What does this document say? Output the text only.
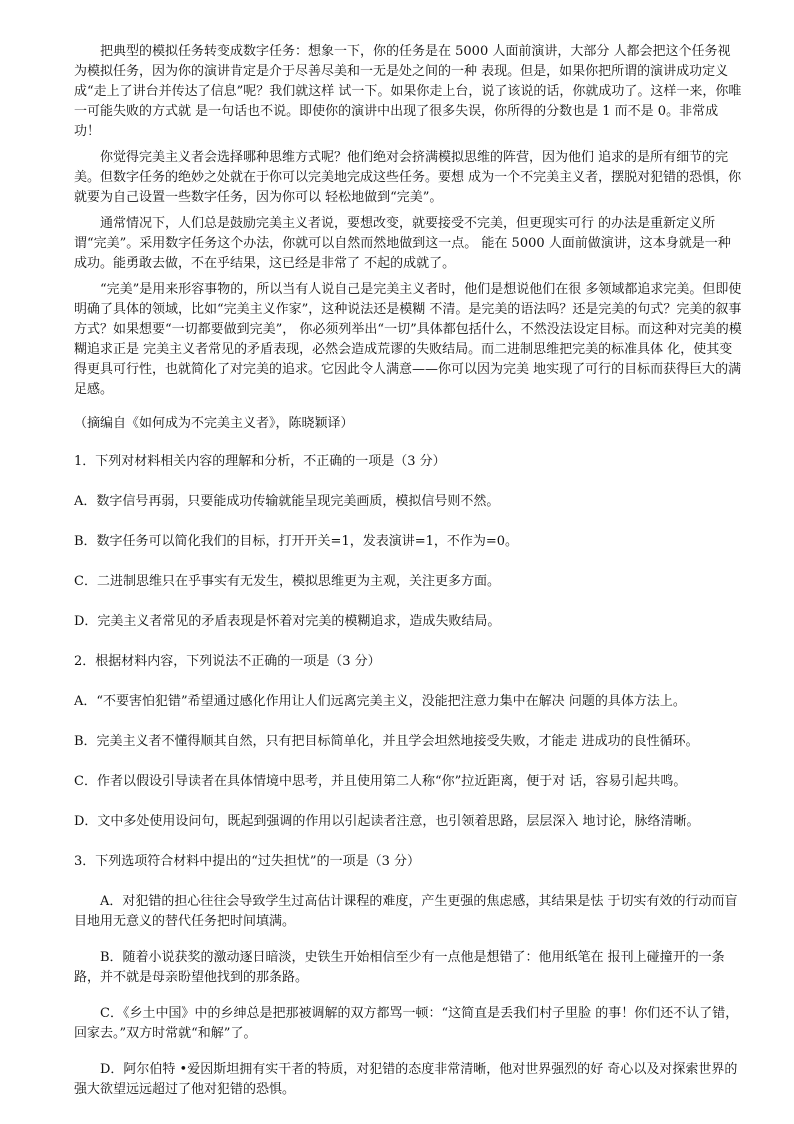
把典型的模拟任务转变成数字任务：想象一下，你的任务是在 5000 人面前演讲，大部分 人都会把这个任务视为模拟任务，因为你的演讲肯定是介于尽善尽美和一无是处之间的一种 表现。但是，如果你把所谓的演讲成功定义成“走上了讲台并传达了信息”呢？我们就这样 试一下。如果你走上台，说了该说的话，你就成功了。这样一来，你唯一可能失败的方式就 是一句话也不说。即使你的演讲中出现了很多失误，你所得的分数也是 1 而不是 0。非常成 功！

你觉得完美主义者会选择哪种思维方式呢？他们绝对会挤满模拟思维的阵营，因为他们 追求的是所有细节的完美。但数字任务的绝妙之处就在于你可以完美地完成这些任务。要想 成为一个不完美主义者，摆脱对犯错的恐惧，你就要为自己设置一些数字任务，因为你可以 轻松地做到“完美”。

通常情况下，人们总是鼓励完美主义者说，要想改变，就要接受不完美，但更现实可行 的办法是重新定义所谓“完美”。采用数字任务这个办法，你就可以自然而然地做到这一点。 能在 5000 人面前做演讲，这本身就是一种成功。能勇敢去做，不在乎结果，这已经是非常了 不起的成就了。

“完美”是用来形容事物的，所以当有人说自己是完美主义者时，他们是想说他们在很 多领域都追求完美。但即使明确了具体的领域，比如“完美主义作家”，这种说法还是模糊 不清。是完美的语法吗？还是完美的句式？完美的叙事方式？如果想要“一切都要做到完美”， 你必须列举出“一切”具体都包括什么，不然没法设定目标。而这种对完美的模糊追求正是 完美主义者常见的矛盾表现，必然会造成荒谬的失败结局。而二进制思维把完美的标准具体 化，使其变得更具可行性，也就简化了对完美的追求。它因此令人满意——你可以因为完美 地实现了可行的目标而获得巨大的满足感。

（摘编自《如何成为不完美主义者》，陈晓颖译）

1．下列对材料相关内容的理解和分析，不正确的一项是（3 分）

A．数字信号再弱，只要能成功传输就能呈现完美画质，模拟信号则不然。

B．数字任务可以简化我们的目标，打开开关=1，发表演讲=1，不作为=0。

C．二进制思维只在乎事实有无发生，模拟思维更为主观，关注更多方面。

D．完美主义者常见的矛盾表现是怀着对完美的模糊追求，造成失败结局。

2．根据材料内容，下列说法不正确的一项是（3 分）

A．“不要害怕犯错”希望通过感化作用让人们远离完美主义，没能把注意力集中在解决 问题的具体方法上。

B．完美主义者不懂得顺其自然，只有把目标简单化，并且学会坦然地接受失败，才能走 进成功的良性循环。

C．作者以假设引导读者在具体情境中思考，并且使用第二人称“你”拉近距离，便于对 话，容易引起共鸣。

D．文中多处使用设问句，既起到强调的作用以引起读者注意，也引领着思路，层层深入 地讨论，脉络清晰。

3．下列选项符合材料中提出的“过失担忧”的一项是（3 分）

A．对犯错的担心往往会导致学生过高估计课程的难度，产生更强的焦虑感，其结果是怯 于切实有效的行动而盲目地用无意义的替代任务把时间填满。

B．随着小说获奖的激动逐日暗淡，史铁生开始相信至少有一点他是想错了：他用纸笔在 报刊上碰撞开的一条路，并不就是母亲盼望他找到的那条路。

C．《乡土中国》中的乡绅总是把那被调解的双方都骂一顿：“这简直是丢我们村子里脸 的事！你们还不认了错，回家去。”双方时常就“和解”了。

D．阿尔伯特 •爱因斯坦拥有实干者的特质，对犯错的态度非常清晰，他对世界强烈的好 奇心以及对探索世界的强大欲望远远超过了他对犯错的恐惧。
